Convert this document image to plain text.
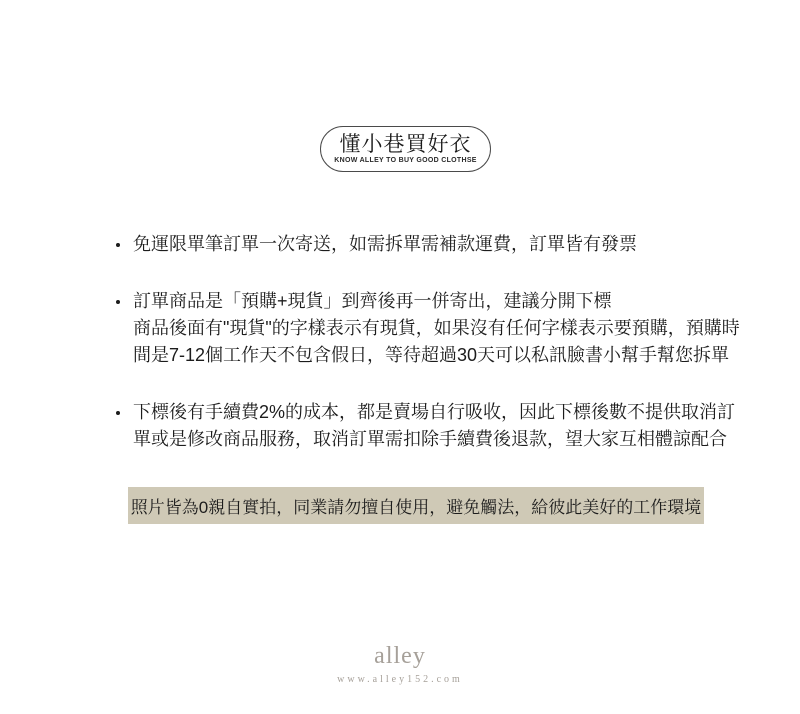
懂小巷買好衣
KNOW ALLEY TO BUY GOOD CLOTHSE
免運限單筆訂單一次寄送，如需拆單需補款運費，訂單皆有發票
訂單商品是「預購+現貨」到齊後再一併寄出，建議分開下標
商品後面有"現貨"的字樣表示有現貨，如果沒有任何字樣表示要預購，預購時
間是7-12個工作天不包含假日，等待超過30天可以私訊臉書小幫手幫您拆單
下標後有手續費2%的成本，都是賣場自行吸收，因此下標後數不提供取消訂
單或是修改商品服務，取消訂單需扣除手續費後退款，望大家互相體諒配合
照片皆為0親自實拍，同業請勿擅自使用，避免觸法，給彼此美好的工作環境
alley
www.alley152.com
